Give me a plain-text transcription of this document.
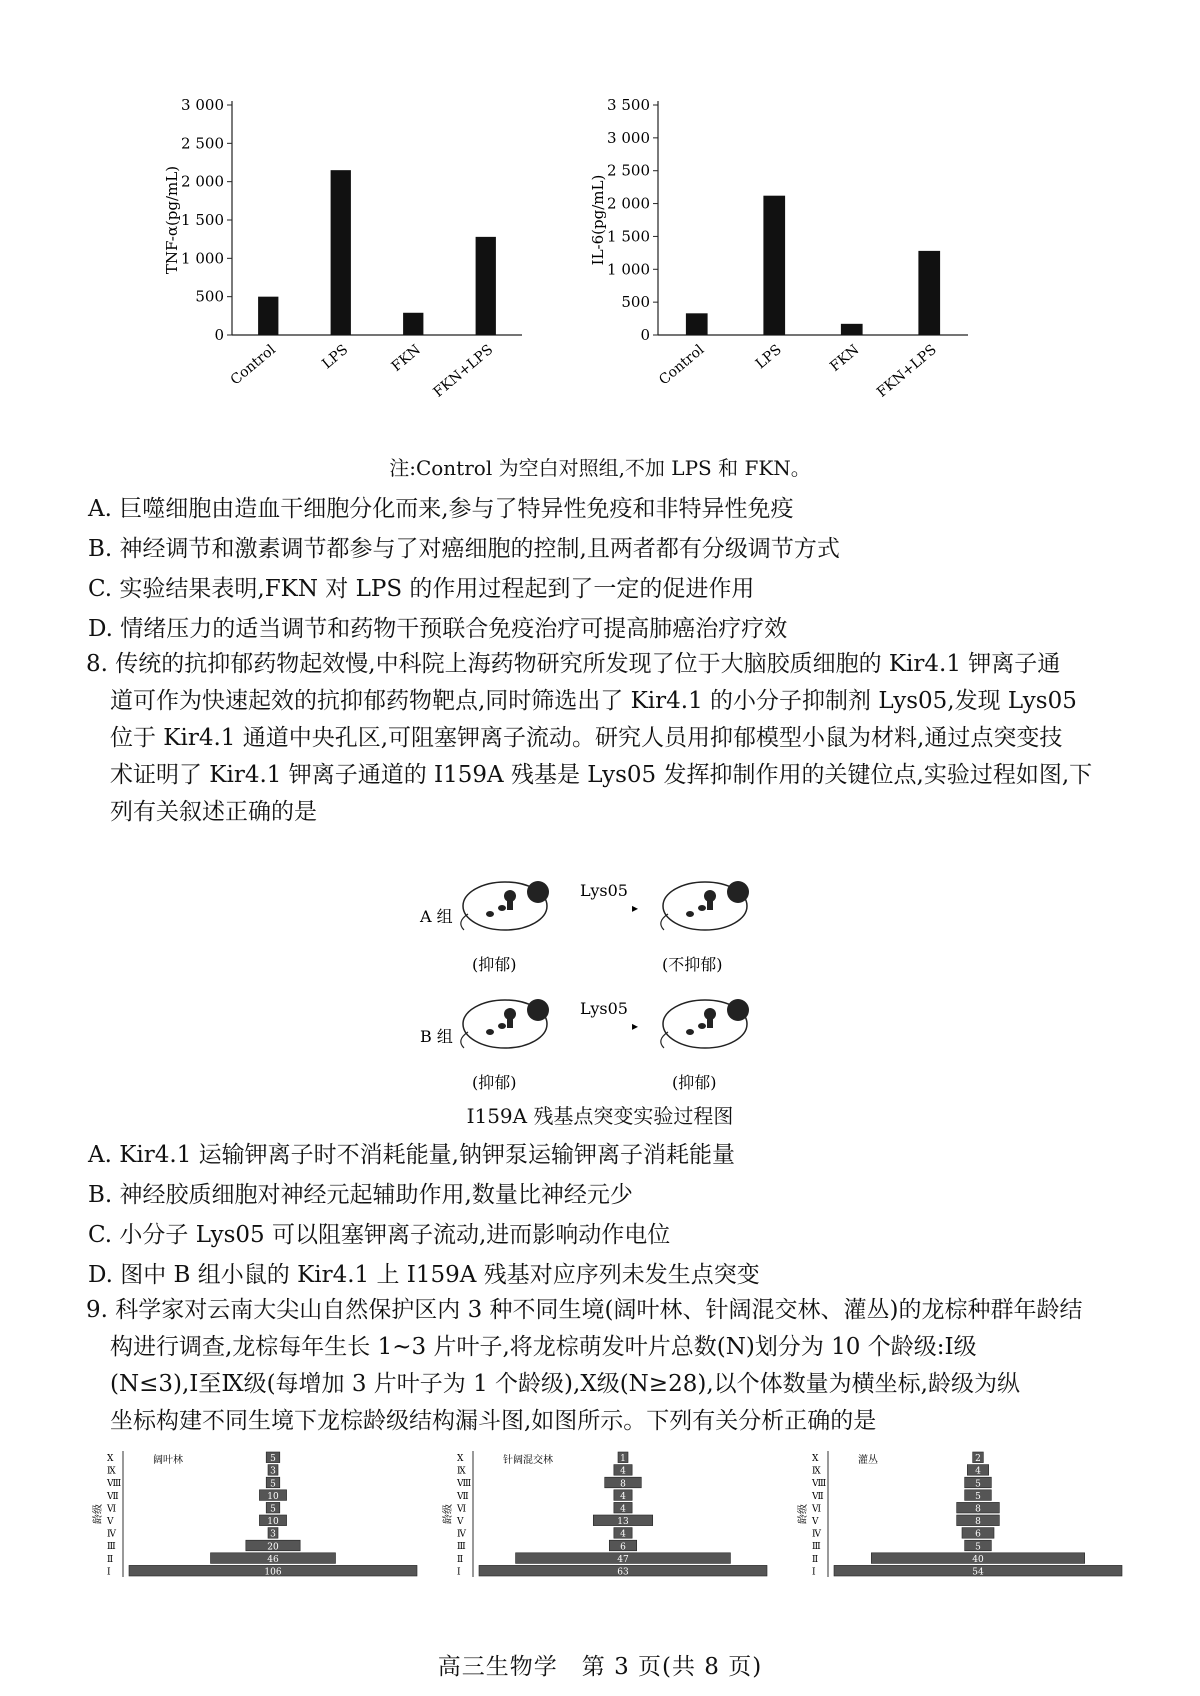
0
500
1 000
1 500
2 000
2 500
3 000
Control	LPS	FKN FKN+LPS
TNF-α(pg/mL)
0
500
1 000
1 500
2 000
2 500
3 000
3 500
Control	LPS	FKN FKN+LPS
IL-6(pg/mL)
注:Control 为空白对照组,不加 LPS 和 FKN。
A. 巨噬细胞由造血干细胞分化而来,参与了特异性免疫和非特异性免疫
B. 神经调节和激素调节都参与了对癌细胞的控制,且两者都有分级调节方式
C. 实验结果表明,FKN 对 LPS 的作用过程起到了一定的促进作用
D. 情绪压力的适当调节和药物干预联合免疫治疗可提高肺癌治疗疗效
8. 传统的抗抑郁药物起效慢,中科院上海药物研究所发现了位于大脑胶质细胞的 Kir4.1 钾离子通
道可作为快速起效的抗抑郁药物靶点,同时筛选出了 Kir4.1 的小分子抑制剂 Lys05,发现 Lys05
位于 Kir4.1 通道中央孔区,可阻塞钾离子流动。研究人员用抑郁模型小鼠为材料,通过点突变技
术证明了 Kir4.1 钾离子通道的 I159A 残基是 Lys05 发挥抑制作用的关键位点,实验过程如图,下
列有关叙述正确的是
A 组
(抑郁)
Lys05
▸
(不抑郁)
B 组
(抑郁)
Lys05
▸
(抑郁)
I159A 残基点突变实验过程图
A. Kir4.1 运输钾离子时不消耗能量,钠钾泵运输钾离子消耗能量
B. 神经胶质细胞对神经元起辅助作用,数量比神经元少
C. 小分子 Lys05 可以阻塞钾离子流动,进而影响动作电位
D. 图中 B 组小鼠的 Kir4.1 上 I159A 残基对应序列未发生点突变
9. 科学家对云南大尖山自然保护区内 3 种不同生境(阔叶林、针阔混交林、灌丛)的龙棕种群年龄结
构进行调查,龙棕每年生长 1~3 片叶子,将龙棕萌发叶片总数(N)划分为 10 个龄级:Ⅰ级
(N≤3),Ⅰ至Ⅸ级(每增加 3 片叶子为 1 个龄级),Ⅹ级(N≥28),以个体数量为横坐标,龄级为纵
坐标构建不同生境下龙棕龄级结构漏斗图,如图所示。下列有关分析正确的是
阔叶林
龄级
Ⅰ	106
Ⅱ	46
Ⅲ	20
Ⅳ	3
Ⅴ	10
Ⅵ	5
Ⅶ	10
Ⅷ	5
Ⅸ	3
Ⅹ	5	针阔混交林
龄级
Ⅰ	63
Ⅱ	47
Ⅲ	6
Ⅳ	4
Ⅴ	13
Ⅵ	4
Ⅶ	4
Ⅷ	8
Ⅸ	4
Ⅹ	1	灌丛
龄级
Ⅰ	54
Ⅱ	40
Ⅲ	5
Ⅳ	6
Ⅴ	8
Ⅵ	8
Ⅶ	5
Ⅷ	5
Ⅸ	4
Ⅹ	2
高三生物学　第 3 页(共 8 页)
